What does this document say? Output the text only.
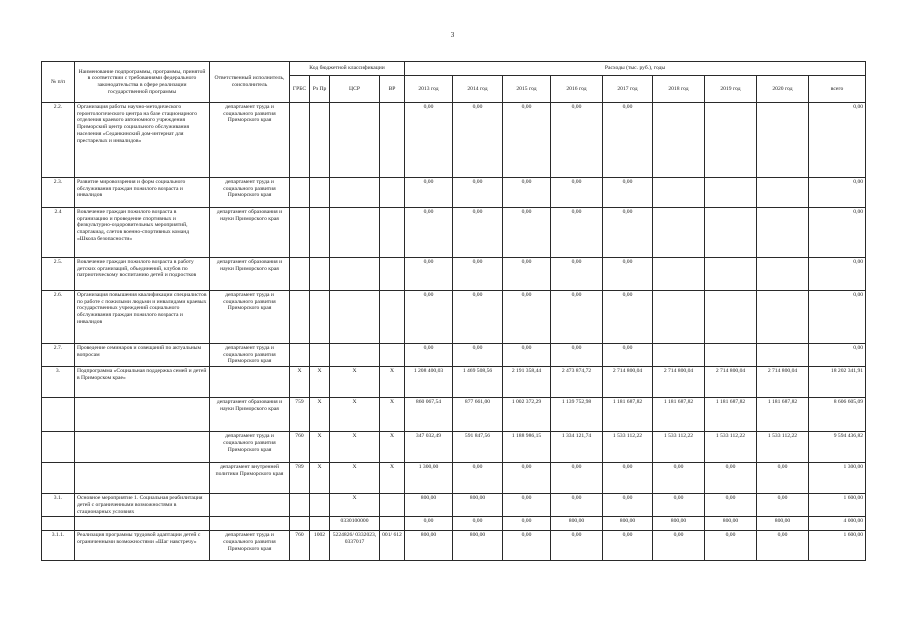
3
№ п/п	Наименование подпрограммы, программы, принятой в соответствии с требованиями федерального законодательства в сфере реализации государственной программы	Ответственный исполнитель, соисполнитель	Код бюджетной классификации				Расходы (тыс. руб.), годы								
			ГРБС	Рз Пр	ЦСР	ВР	2013 год	2014 год	2015 год	2016 год	2017 год	2018 год	2019 год	2020 год	всего
2.2.	Организация работы научно-методического геронтологического центра на базе стационарного отделения краевого автономного учреждения Приморский центр социального обслуживания населения «Седанкинский дом-интернат для престарелых и инвалидов»	департамент труда и социального развития Приморского края					0,00	0,00	0,00	0,00	0,00				0,00
2.3.	Развитие мировоззрения и форм социального обслуживания граждан пожилого возраста и инвалидов	департамент труда и социального развития Приморского края					0,00	0,00	0,00	0,00	0,00				0,00
2.4	Вовлечение граждан пожилого возраста в организацию и проведение спортивных и физкультурно-оздоровительных мероприятий, спартакиад, слетов военно-спортивных команд «Школа безопасности»	департамент образования и науки Приморского края					0,00	0,00	0,00	0,00	0,00				0,00
2.5.	Вовлечение граждан пожилого возраста в работу детских организаций, объединений, клубов по патриотическому воспитанию детей и подростков	департамент образования и науки Приморского края					0,00	0,00	0,00	0,00	0,00				0,00
2.6.	Организация повышения квалификации специалистов по работе с пожилыми людьми и инвалидами краевых государственных учреждений социального обслуживания граждан пожилого возраста и инвалидов	департамент труда и социального развития Приморского края					0,00	0,00	0,00	0,00	0,00				0,00
2.7.	Проведение семинаров и совещаний по актуальным вопросам	департамент труда и социального развития Приморского края					0,00	0,00	0,00	0,00	0,00				0,00
3.	Подпрограмма «Социальная поддержка семей и детей в Приморском крае»		X	X	X	X	1 208 400,03	1 469 508,56	2 191 358,44	2 473 874,72	2 714 800,04	2 714 800,04	2 714 800,04	2 714 800,04	18 202 341,91
		департамент образования и науки Приморского края	759	X	X	X	860 067,54	877 661,00	1 002 372,29	1 139 752,98	1 181 687,82	1 181 687,82	1 181 687,82	1 181 687,82	8 606 605,09
		департамент труда и социального развития Приморского края	760	X	X	X	347 032,49	591 847,56	1 188 986,15	1 334 121,74	1 533 112,22	1 533 112,22	1 533 112,22	1 533 112,22	9 594 436,82
		департамент внутренней политики Приморского края	789	X	X	X	1 300,00	0,00	0,00	0,00	0,00	0,00	0,00	0,00	1 300,00
3.1.	Основное мероприятие 1. Социальная реабилитация детей с ограниченными возможностями в стационарных условиях				X		800,00	800,00	0,00	0,00	0,00	0,00	0,00	0,00	1 600,00
					0330100000		0,00	0,00	0,00	800,00	800,00	800,00	800,00	800,00	4 000,00
3.1.1.	Реализация программы трудовой адаптации детей с ограниченными возможностями «Шаг навстречу»	департамент труда и социального развития Приморского края	760	1002	5224826/ 0332023, 0337017	001/ 612	800,00	800,00	0,00	0,00	0,00	0,00	0,00	0,00	1 600,00
